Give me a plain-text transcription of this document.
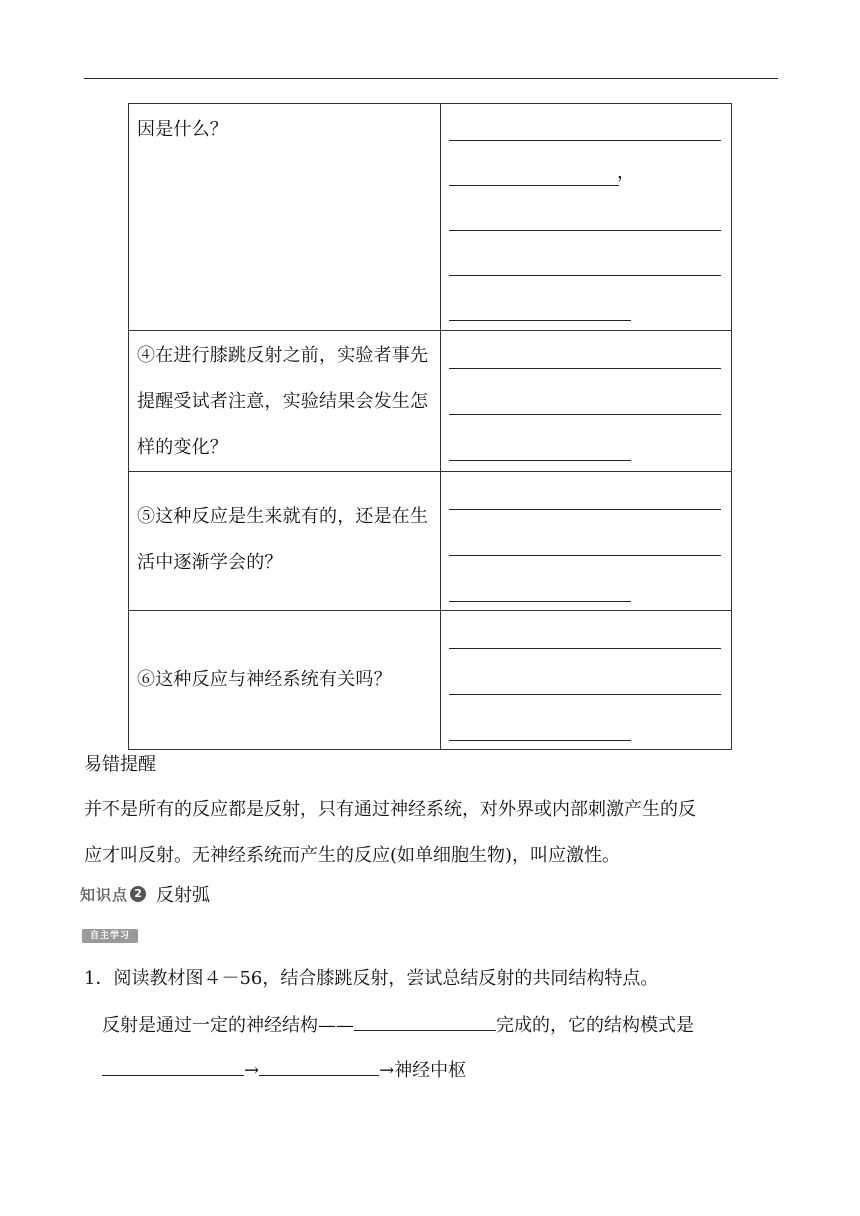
因是什么？	，

④在进行膝跳反射之前，实验者事先提醒受试者注意，实验结果会发生怎样的变化？	

⑤这种反应是生来就有的，还是在生活中逐渐学会的？	

⑥这种反应与神经系统有关吗？	

易错提醒
并不是所有的反应都是反射，只有通过神经系统，对外界或内部刺激产生的反
应才叫反射。无神经系统而产生的反应(如单细胞生物)，叫应激性。
知识点 2 反射弧
自主学习
1．阅读教材图４－56，结合膝跳反射，尝试总结反射的共同结构特点。
反射是通过一定的神经结构——	完成的，它的结构模式是
→	→神经中枢
